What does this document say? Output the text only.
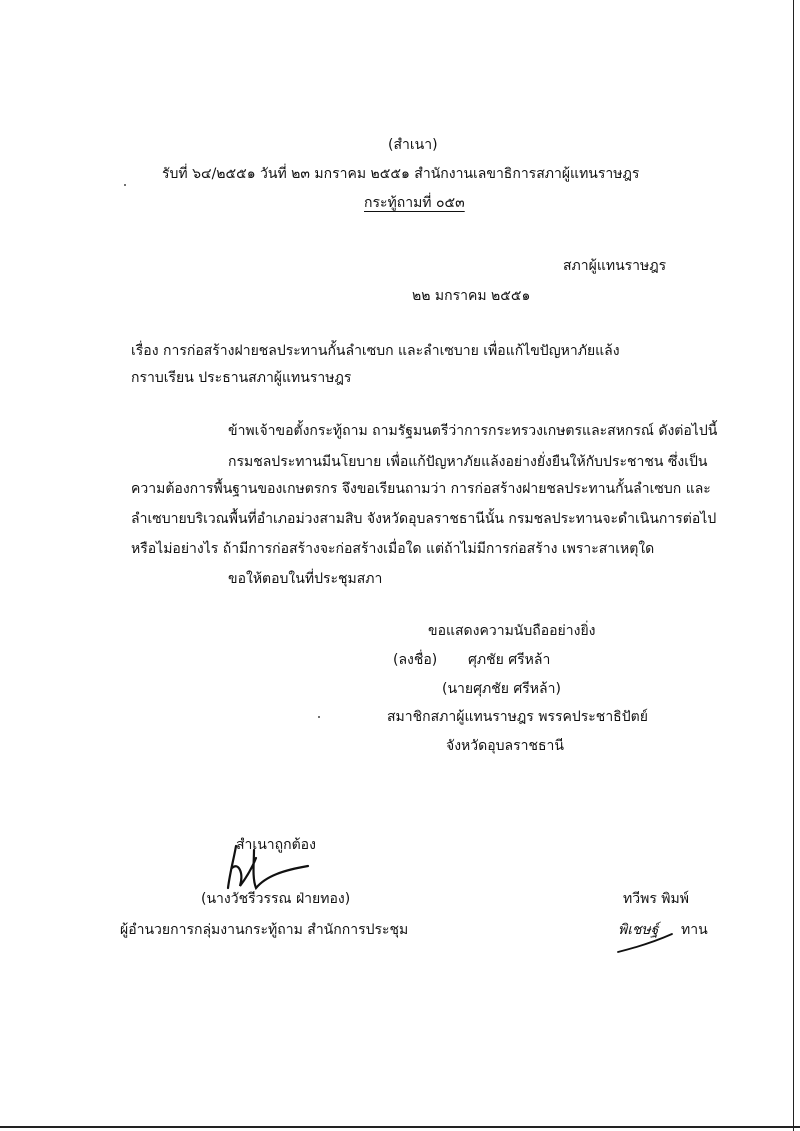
(สำเนา)
รับที่ ๖๔/๒๕๕๑ วันที่ ๒๓ มกราคม ๒๕๕๑ สำนักงานเลขาธิการสภาผู้แทนราษฎร
กระทู้ถามที่ ๐๕๓
สภาผู้แทนราษฎร
๒๒ มกราคม ๒๕๕๑
เรื่อง การก่อสร้างฝายชลประทานกั้นลำเซบก และลำเซบาย เพื่อแก้ไขปัญหาภัยแล้ง
กราบเรียน ประธานสภาผู้แทนราษฎร
ข้าพเจ้าขอตั้งกระทู้ถาม ถามรัฐมนตรีว่าการกระทรวงเกษตรและสหกรณ์ ดังต่อไปนี้
กรมชลประทานมีนโยบาย เพื่อแก้ปัญหาภัยแล้งอย่างยั่งยืนให้กับประชาชน ซึ่งเป็น
ความต้องการพื้นฐานของเกษตรกร จึงขอเรียนถามว่า การก่อสร้างฝายชลประทานกั้นลำเซบก และ
ลำเซบายบริเวณพื้นที่อำเภอม่วงสามสิบ จังหวัดอุบลราชธานีนั้น กรมชลประทานจะดำเนินการต่อไป
หรือไม่อย่างไร ถ้ามีการก่อสร้างจะก่อสร้างเมื่อใด แต่ถ้าไม่มีการก่อสร้าง เพราะสาเหตุใด
ขอให้ตอบในที่ประชุมสภา
ขอแสดงความนับถืออย่างยิ่ง
(ลงชื่อ) ศุภชัย ศรีหล้า
(นายศุภชัย ศรีหล้า)
สมาชิกสภาผู้แทนราษฎร พรรคประชาธิปัตย์
จังหวัดอุบลราชธานี
สำเนาถูกต้อง
(นางวัชรีวรรณ ฝ่ายทอง)
ผู้อำนวยการกลุ่มงานกระทู้ถาม สำนักการประชุม
ทวีพร พิมพ์
พิเชษฐ์ ทาน
